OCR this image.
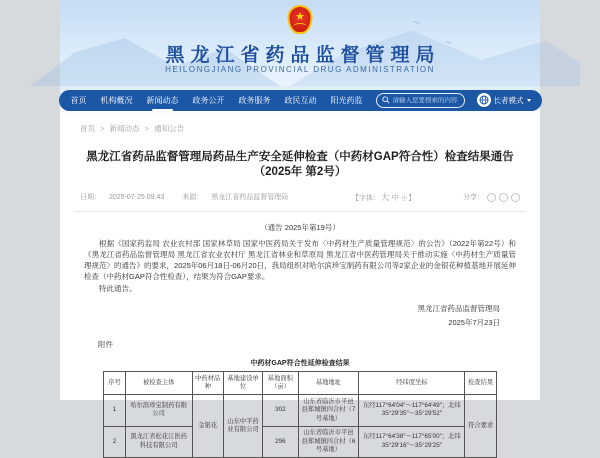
〜
〜
★
黑龙江省药品监督管理局
HEILONGJIANG PROVINCIAL DRUG ADMINISTRATION
首页 机构概况 新闻动态 政务公开 政务服务 政民互动 阳光药监
请输入您要搜索的内容	长者模式
首页 > 新闻动态 > 通知公告
黑龙江省药品监督管理局药品生产安全延伸检查（中药材GAP符合性）检查结果通告（2025年 第2号）
日期： 2025-07-25 09:43	来源： 黑龙江省药品监督管理局	【字体：大 中 小】	分享：
（通告 2025年第19号）

根据《国家药监局 农业农村部 国家林草局 国家中医药局关于发布〈中药材生产质量管理规范〉的公告》（2022年第22号）和《黑龙江省药品监督管理局 黑龙江省农业农村厅 黑龙江省林业和草原局 黑龙江省中医药管理局关于推动实施〈中药材生产质量管理规范〉的通告》的要求，2025年06月18日-06月20日，我局组织对哈尔滨珍宝制药有限公司等2家企业的金银花种植基地开展延伸检查（中药材GAP符合性检查），结果为符合GAP要求。

特此通告。

黑龙江省药品监督管理局
2025年7月23日
附件
中药材GAP符合性延伸检查结果
序号	被检查主体	中药材品种	基地建设单位	基地面积（亩）	基地地址	经纬度坐标	检查结果
1	哈尔滨珍宝制药有限公司	金银花	山东中平药业有限公司	302	山东省临沂市平邑县郑城镇四合村（7号基地）	东经117°64′04″～117°64′49″；北纬35°29′35″～35°29′52″	符合要求
2	黑龙江省松花江医药科技有限公司			296	山东省临沂市平邑县郑城镇四合村（6号基地）	东经117°64′38″～117°65′00″；北纬35°29′16″～35°29′25″	
